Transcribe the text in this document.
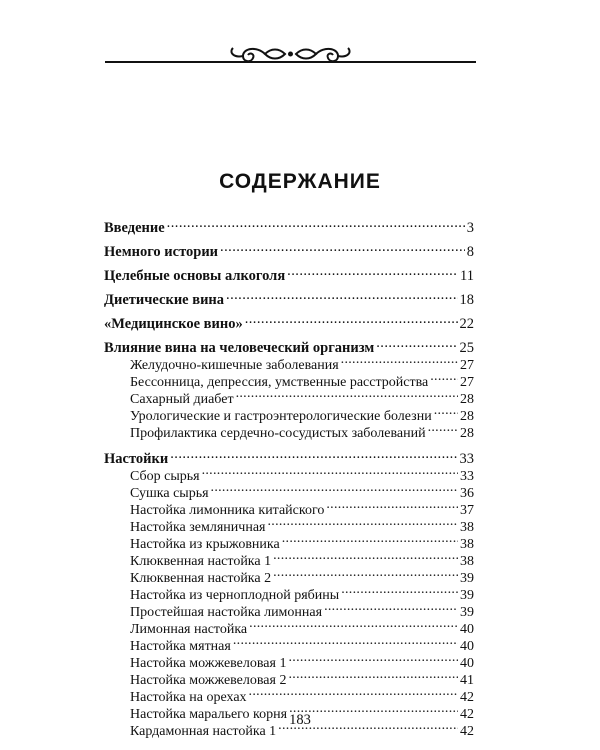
СОДЕРЖАНИЕ
Введение . . .	3
Немного истории . . .	8
Целебные основы алкоголя . . .	11
Диетические вина . . .	18
«Медицинское вино» . . .	22
Влияние вина на человеческий организм . . .	25
Желудочно-кишечные заболевания . . .	27
Бессонница, депрессия, умственные расстройства . . . 27
Сахарный диабет . . .	28
Урологические и гастроэнтерологические болезни . . . 28
Профилактика сердечно-сосудистых заболеваний . . . 28
Настойки . . .	33
Сбор сырья . . .	33
Сушка сырья . . .	36
Настойка лимонника китайского . . .	37
Настойка земляничная . . .	38
Настойка из крыжовника . . .	38
Клюквенная настойка 1 . . .	38
Клюквенная настойка 2 . . .	39
Настойка из черноплодной рябины . . .	39
Простейшая настойка лимонная . . .	39
Лимонная настойка . . .	40
Настойка мятная . . .	40
Настойка можжевеловая 1 . . .	40
Настойка можжевеловая 2 . . .	41
Настойка на орехах . . .	42
Настойка маральего корня . . .	42
Кардамонная настойка 1 . . .	42
183
